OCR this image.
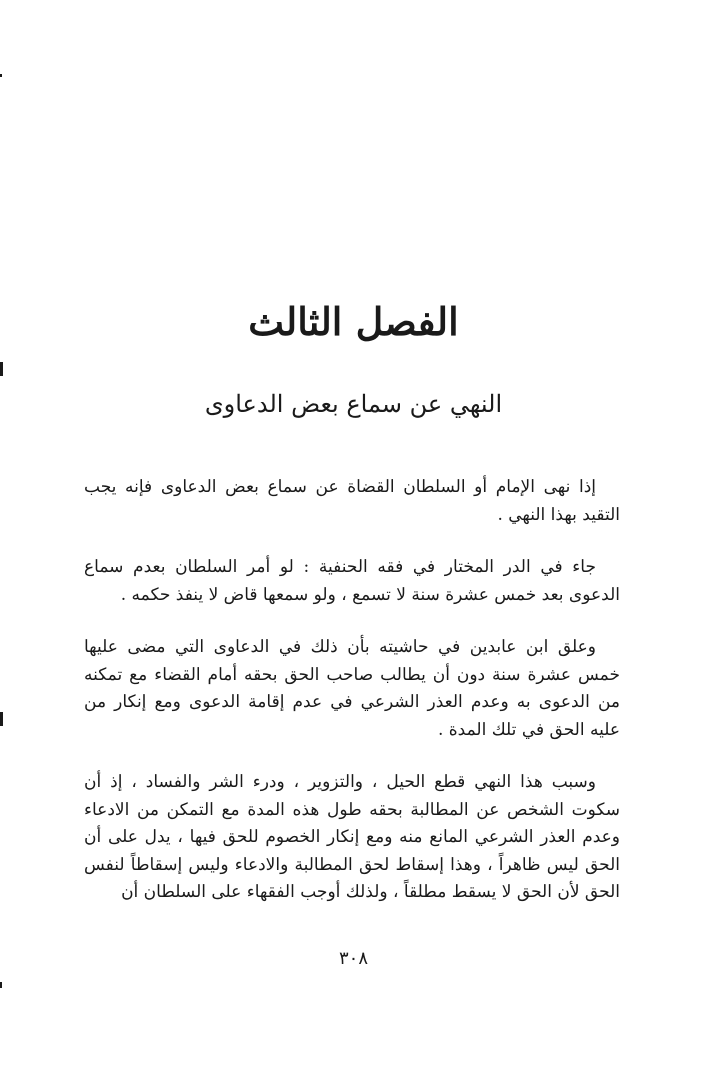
الفصل الثالث
النهي عن سماع بعض الدعاوى

إذا نهى الإمام أو السلطان القضاة عن سماع بعض الدعاوى فإنه يجب التقيد بهذا النهي .

جاء في الدر المختار في فقه الحنفية : لو أمر السلطان بعدم سماع الدعوى بعد خمس عشرة سنة لا تسمع ، ولو سمعها قاض لا ينفذ حكمه .

وعلق ابن عابدين في حاشيته بأن ذلك في الدعاوى التي مضى عليها خمس عشرة سنة دون أن يطالب صاحب الحق بحقه أمام القضاء مع تمكنه من الدعوى به وعدم العذر الشرعي في عدم إقامة الدعوى ومع إنكار من عليه الحق في تلك المدة .

وسبب هذا النهي قطع الحيل ، والتزوير ، ودرء الشر والفساد ، إذ أن سكوت الشخص عن المطالبة بحقه طول هذه المدة مع التمكن من الادعاء وعدم العذر الشرعي المانع منه ومع إنكار الخصوم للحق فيها ، يدل على أن الحق ليس ظاهراً ، وهذا إسقاط لحق المطالبة والادعاء وليس إسقاطاً لنفس الحق لأن الحق لا يسقط مطلقاً ، ولذلك أوجب الفقهاء على السلطان أن

٣٠٨
